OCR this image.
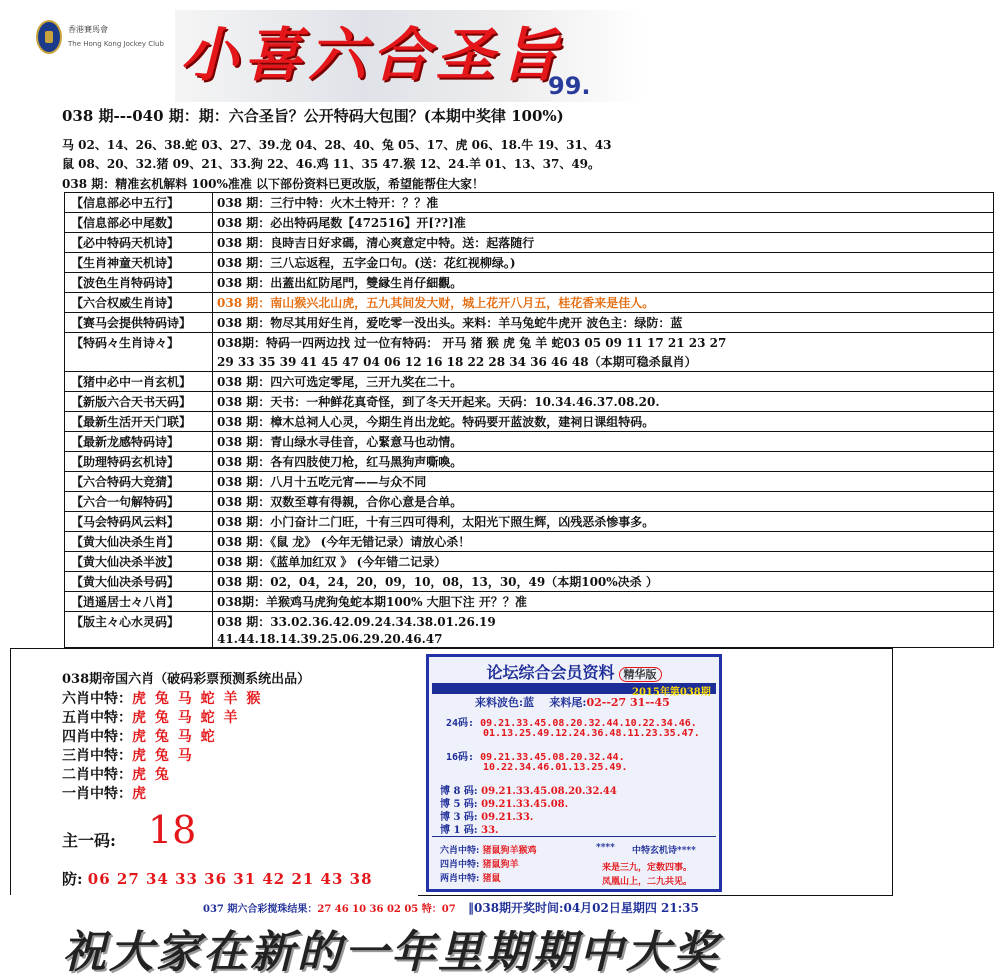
香港賽馬會
The Hong Kong Jockey Club 小喜六合圣旨
99.
038 期---040 期：期：六合圣旨？公开特码大包围？(本期中奖律 100%)
马 02、14、26、38.蛇 03、27、39.龙 04、28、40、兔 05、17、虎 06、18.牛 19、31、43
鼠 08、20、32.猪 09、21、33.狗 22、46.鸡 11、35 47.猴 12、24.羊 01、13、37、49。
038 期：精准玄机解料 100%准准 以下部份资料已更改版，希望能帮住大家！
【信息部必中五行】	038 期：三行中特：火木土特开：？？准
【信息部必中尾数】	038 期：必出特码尾数【472516】开[??]准
【必中特码天机诗】	038 期：良時吉日好求碼，清心爽意定中特。送：起落随行
【生肖神童天机诗】	038 期：三八忘返程，五字金口句。(送：花红视柳绿。)
【波色生肖特码诗】	038 期：出蓋出紅防尾門，雙縁生肖仔細觀。
【六合权威生肖诗】	038 期：南山猴兴北山虎，五九其间发大财，城上花开八月五，桂花香来是佳人。
【赛马会提供特码诗】	038 期：物尽其用好生肖，爱吃零一没出头。来料：羊马兔蛇牛虎开 波色主：绿防：蓝
【特码々生肖诗々】	038期：特码一四两边找 过一位有特码： 开马 猪 猴 虎 兔 羊 蛇03 05 09 11 17 21 23 27
29 33 35 39 41 45 47 04 06 12 16 18 22 28 34 36 46 48（本期可稳杀鼠肖）

【猪中必中一肖玄机】	038 期：四六可选定零尾，三开九奖在二十。
【新版六合天书天码】	038 期：天书：一种鲜花真奇怪，到了冬天开起来。天码：10.34.46.37.08.20.
【最新生活开天门联】	038 期：樟木总祠人心灵，今期生肖出龙蛇。特码要开蓝波数，建祠日课组特码。
【最新龙感特码诗】	038 期：青山绿水寻佳音，心緊意马也动情。
【助理特码玄机诗】	038 期：各有四肢使刀枪，红马黑狗声嘶喚。
【六合特码大竞猜】	038 期：八月十五吃元宵——与众不同
【六合一句解特码】	038 期：双数至尊有得親，合你心意是合单。
【马会特码风云料】	038 期：小门奋计二门旺，十有三四可得利，太阳光下照生辉，凶残恶杀惨事多。
【黄大仙决杀生肖】	038 期：《鼠 龙》 (今年无错记录）请放心杀！
【黄大仙决杀半波】	038 期：《蓝单加红双 》 (今年错二记录）
【黄大仙决杀号码】	038 期：02，04，24，20，09，10，08，13，30，49（本期100%决杀 ）
【逍遥居士々八肖】	038期：羊猴鸡马虎狗兔蛇本期100% 大胆下注 开？？准
【版主々心水灵码】	038 期：33.02.36.42.09.24.34.38.01.26.19
41.44.18.14.39.25.06.29.20.46.47
038期帝国六肖（破码彩票预测系统出品）
六肖中特：虎 兔 马 蛇 羊 猴
五肖中特：虎 兔 马 蛇 羊
四肖中特：虎 兔 马 蛇
三肖中特：虎 兔 马
二肖中特：虎 兔
一肖中特：虎
主一码: 18
防: 06 27 34 33 36 31 42 21 43 38
论坛综合会员资料 精华版
2015年第038期
来料波色:蓝 来料尾:02--27 31--45
24码: 09.21.33.45.08.20.32.44.10.22.34.46.
01.13.25.49.12.24.36.48.11.23.35.47.
16码: 09.21.33.45.08.20.32.44.
10.22.34.46.01.13.25.49.
博 8 码: 09.21.33.45.08.20.32.44
博 5 码: 09.21.33.45.08.
博 3 码: 09.21.33.
博 1 码: 33.
六肖中特: 猪鼠狗羊猴鸡
四肖中特: 猪鼠狗羊
两肖中特: 猪鼠
**** 中特玄机诗****
来是三九，定数四事。
凤凰山上，二九共见。
037 期六合彩搅珠结果：27 46 10 36 02 05 特：07 ‖038期开奖时间:04月02日星期四 21:35
祝大家在新的一年里期期中大奖
